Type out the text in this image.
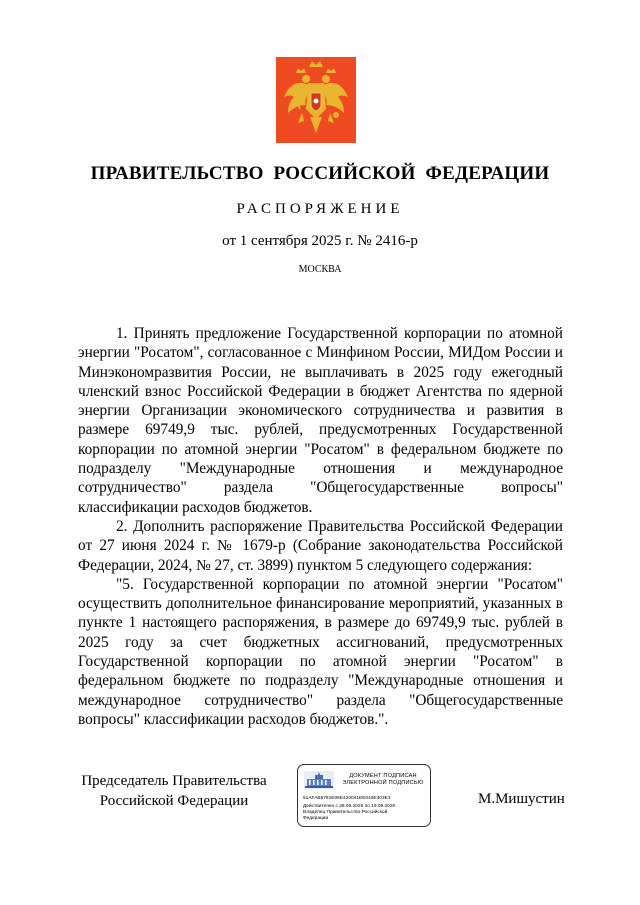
ПРАВИТЕЛЬСТВО РОССИЙСКОЙ ФЕДЕРАЦИИ
РАСПОРЯЖЕНИЕ
от 1 сентября 2025 г. № 2416-р
МОСКВА

1. Принять предложение Государственной корпорации по атомной энергии "Росатом", согласованное с Минфином России, МИДом России и Минэкономразвития России, не выплачивать в 2025 году ежегодный членский взнос Российской Федерации в бюджет Агентства по ядерной энергии Организации экономического сотрудничества и развития в размере 69749,9 тыс. рублей, предусмотренных Государственной корпорации по атомной энергии "Росатом" в федеральном бюджете по подразделу "Международные отношения и международное сотрудничество" раздела "Общегосударственные вопросы" классификации расходов бюджетов.

2. Дополнить распоряжение Правительства Российской Федерации от 27 июня 2024 г. № 1679-р (Собрание законодательства Российской Федерации, 2024, № 27, ст. 3899) пунктом 5 следующего содержания:

"5. Государственной корпорации по атомной энергии "Росатом" осуществить дополнительное финансирование мероприятий, указанных в пункте 1 настоящего распоряжения, в размере до 69749,9 тыс. рублей в 2025 году за счет бюджетных ассигнований, предусмотренных Государственной корпорации по атомной энергии "Росатом" в федеральном бюджете по подразделу "Международные отношения и международное сотрудничество" раздела "Общегосударственные вопросы" классификации расходов бюджетов.".

Председатель Правительства
Российской Федерации
ДОКУМЕНТ ПОДПИСАН
ЭЛЕКТРОННОЙ ПОДПИСЬЮ
51AFAB6781E06E420041EE043E303E3
Действителен с 26.06.2025 по 19.09.2026
Владелец Правительство Российской
Федерации
М.Мишустин
